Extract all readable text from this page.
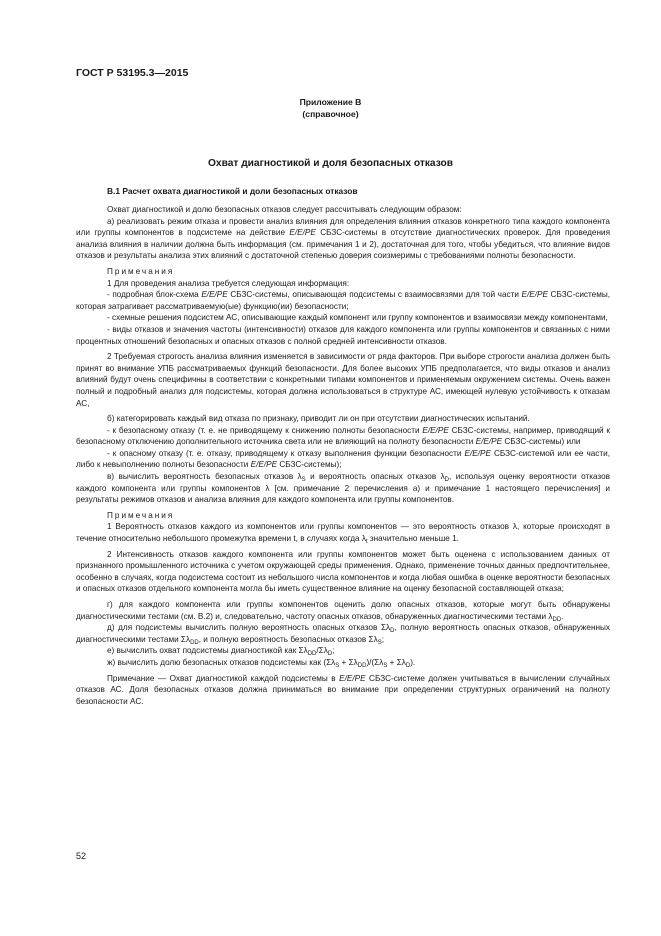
ГОСТ Р 53195.3—2015
Приложение В
(справочное)
Охват диагностикой и доля безопасных отказов
В.1 Расчет охвата диагностикой и доли безопасных отказов

Охват диагностикой и долю безопасных отказов следует рассчитывать следующим образом:

а) реализовать режим отказа и провести анализ влияния для определения влияния отказов конкретного типа каждого компонента или группы компонентов в подсистеме на действие E/E/PE СБЗС-системы в отсутствие диагностических проверок. Для проведения анализа влияния в наличии должна быть информация (см. примечания 1 и 2), достаточная для того, чтобы убедиться, что влияние видов отказов и результаты анализа этих влияний с достаточной степенью доверия соизмеримы с требованиями полноты безопасности.

Примечания

1 Для проведения анализа требуется следующая информация:

- подробная блок-схема E/E/PE СБЗС-системы, описывающая подсистемы с взаимосвязями для той части E/E/PE СБЗС-системы, которая затрагивает рассматриваемую(ые) функцию(ии) безопасности;

- схемные решения подсистем АС, описывающие каждый компонент или группу компонентов и взаимосвязи между компонентами,

- виды отказов и значения частоты (интенсивности) отказов для каждого компонента или группы компонентов и связанных с ними процентных отношений безопасных и опасных отказов с полной средней интенсивности отказов.

2 Требуемая строгость анализа влияния изменяется в зависимости от ряда факторов. При выборе строгости анализа должен быть принят во внимание УПБ рассматриваемых функций безопасности. Для более высоких УПБ предполагается, что виды отказов и анализ влияний будут очень специфичны в соответствии с конкретными типами компонентов и применяемым окружением системы. Очень важен полный и подробный анализ для подсистемы, которая должна использоваться в структуре АС, имеющей нулевую устойчивость к отказам АС,

б) категорировать каждый вид отказа по признаку, приводит ли он при отсутствии диагностических испытаний.

- к безопасному отказу (т. е. не приводящему к снижению полноты безопасности E/E/PE СБЗС-системы, например, приводящий к безопасному отключению дополнительного источника света или не влияющий на полноту безопасности E/E/PE СБЗС-системы) или

- к опасному отказу (т. е. отказу, приводящему к отказу выполнения функции безопасности E/E/PE СБЗС-системой или ее части, либо к невыполнению полноты безопасности E/E/PE СБЗС-системы);

в) вычислить вероятность безопасных отказов $\lambda_S$ и вероятность опасных отказов $\lambda_D$, используя оценку вероятности отказов каждого компонента или группы компонентов λ [см. примечание 2 перечисления а) и примечание 1 настоящего перечисления] и результаты режимов отказов и анализа влияния для каждого компонента или группы компонентов.

Примечания

1 Вероятность отказов каждого из компонентов или группы компонентов — это вероятность отказов λ, которые происходят в течение относительно небольшого промежутка времени t, в случаях когда $\lambda_t$ значительно меньше 1.

2 Интенсивность отказов каждого компонента или группы компонентов может быть оценена с использованием данных от признанного промышленного источника с учетом окружающей среды применения. Однако, применение точных данных предпочтительнее, особенно в случаях, когда подсистема состоит из небольшого числа компонентов и когда любая ошибка в оценке вероятности безопасных и опасных отказов отдельного компонента могла бы иметь существенное влияние на оценку безопасной составляющей отказа;

г) для каждого компонента или группы компонентов оценить долю опасных отказов, которые могут быть обнаружены диагностическими тестами (см. В.2) и, следовательно, частоту опасных отказов, обнаруженных диагностическими тестами $\lambda_{DD}$.

д) для подсистемы вычислить полную вероятность опасных отказов $\Sigma\lambda_D$, полную вероятность опасных отказов, обнаруженных диагностическими тестами $\Sigma\lambda_{DD}$, и полную вероятность безопасных отказов $\Sigma\lambda_S$;

е) вычислить охват подсистемы диагностикой как $\Sigma\lambda_{DD}/\Sigma\lambda_D$;

ж) вычислить долю безопасных отказов подсистемы как $(\Sigma\lambda_S + \Sigma\lambda_{DD})/(\Sigma\lambda_S + \Sigma\lambda_D)$.

Примечание — Охват диагностикой каждой подсистемы в E/E/PE СБЗС-системе должен учитываться в вычислении случайных отказов АС. Доля безопасных отказов должна приниматься во внимание при определении структурных ограничений на полноту безопасности АС.

52
